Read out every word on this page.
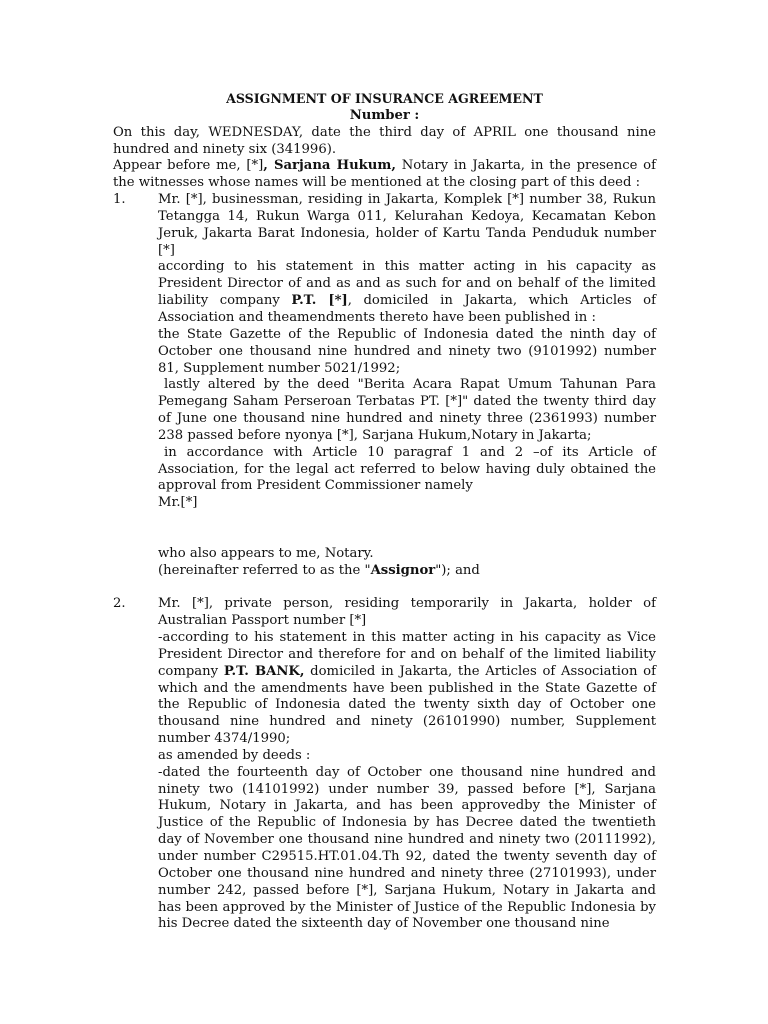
ASSIGNMENT OF INSURANCE AGREEMENT

Number :

On this day, WEDNESDAY, date the third day of APRIL one thousand nine hundred and ninety six (341996).

Appear before me, [*], Sarjana Hukum, Notary in Jakarta, in the presence of the witnesses whose names will be mentioned at the closing part of this deed :

1. Mr. [*], businessman, residing in Jakarta, Komplek [*] number 38, Rukun Tetangga 14, Rukun Warga 011, Kelurahan Kedoya, Kecamatan Kebon Jeruk, Jakarta Barat Indonesia, holder of Kartu Tanda Penduduk number [*]

according to his statement in this matter acting in his capacity as President Director of and as and as such for and on behalf of the limited liability company P.T. [*], domiciled in Jakarta, which Articles of Association and theamendments thereto have been published in :

the State Gazette of the Republic of Indonesia dated the ninth day of October one thousand nine hundred and ninety two (9101992) number 81, Supplement number 5021/1992;

lastly altered by the deed "Berita Acara Rapat Umum Tahunan Para Pemegang Saham Perseroan Terbatas PT. [*]" dated the twenty third day of June one thousand nine hundred and ninety three (2361993) number 238 passed before nyonya [*], Sarjana Hukum,Notary in Jakarta;

in accordance with Article 10 paragraf 1 and 2 –of its Article of Association, for the legal act referred to below having duly obtained the approval from President Commissioner namely

Mr.[*]

who also appears to me, Notary.

(hereinafter referred to as the "Assignor"); and

2. Mr. [*], private person, residing temporarily in Jakarta, holder of Australian Passport number [*]

-according to his statement in this matter acting in his capacity as Vice President Director and therefore for and on behalf of the limited liability company P.T. BANK, domiciled in Jakarta, the Articles of Association of which and the amendments have been published in the State Gazette of the Republic of Indonesia dated the twenty sixth day of October one thousand nine hundred and ninety (26101990) number, Supplement number 4374/1990;

as amended by deeds :

-dated the fourteenth day of October one thousand nine hundred and ninety two (14101992) under number 39, passed before [*], Sarjana Hukum, Notary in Jakarta, and has been approvedby the Minister of Justice of the Republic of Indonesia by has Decree dated the twentieth day of November one thousand nine hundred and ninety two (20111992), under number C29515.HT.01.04.Th 92, dated the twenty seventh day of October one thousand nine hundred and ninety three (27101993), under number 242, passed before [*], Sarjana Hukum, Notary in Jakarta and has been approved by the Minister of Justice of the Republic Indonesia by his Decree dated the sixteenth day of November one thousand nine
